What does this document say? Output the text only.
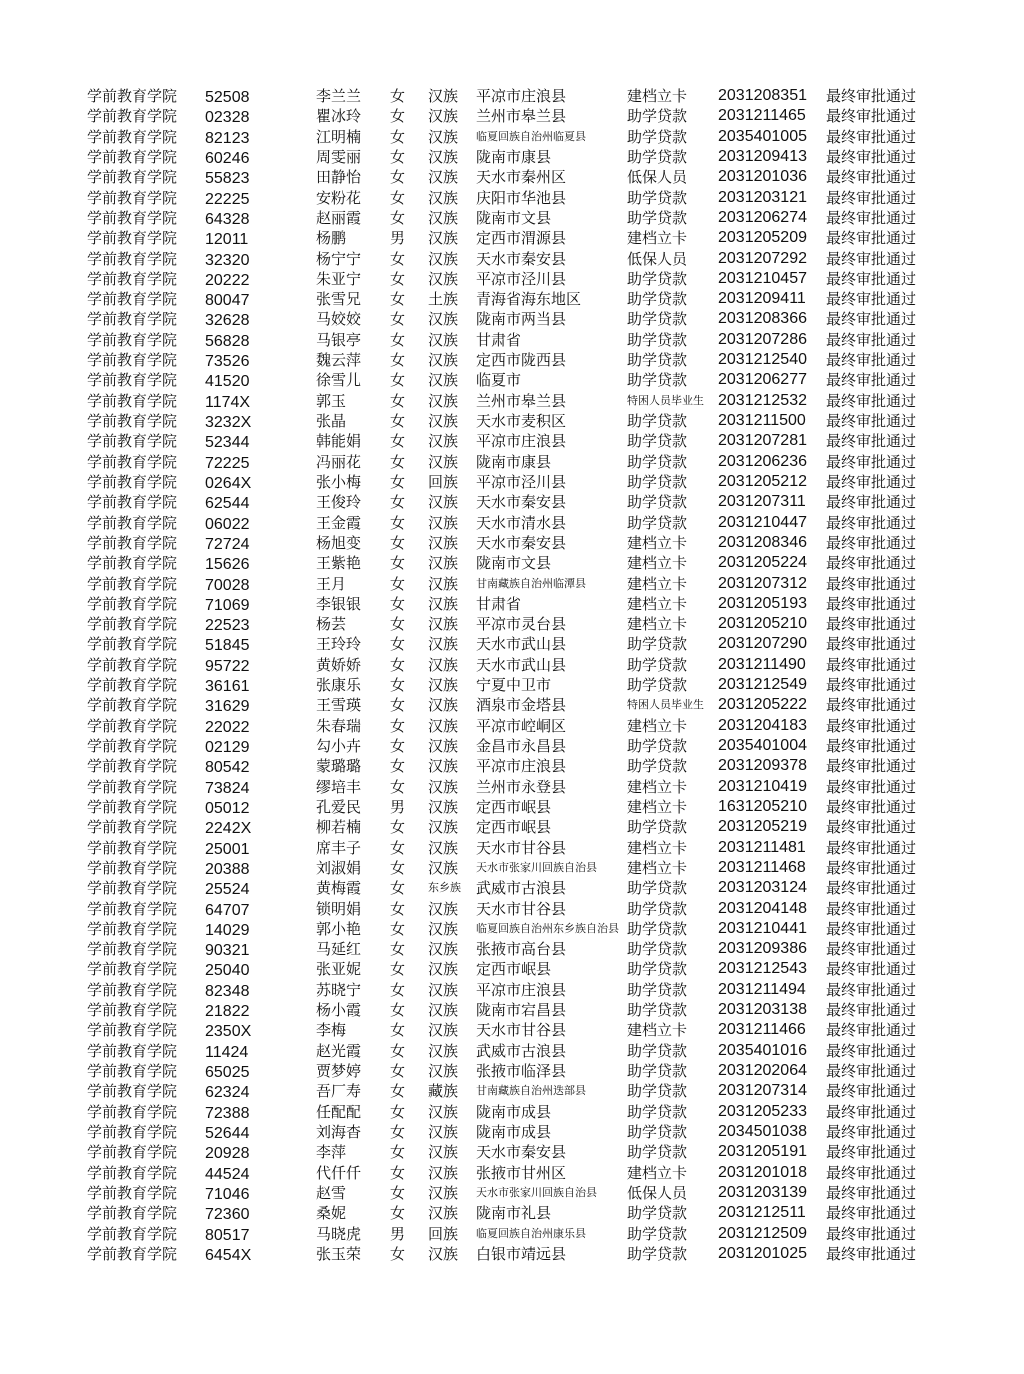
学前教育学院 52508	李兰兰 女 汉族 平凉市庄浪县	建档立卡 2031208351 最终审批通过
学前教育学院 02328	瞿冰玲 女 汉族 兰州市皋兰县	助学贷款 2031211465 最终审批通过
学前教育学院 82123	江明楠 女 汉族 临夏回族自治州临夏县	助学贷款 2035401005 最终审批通过
学前教育学院 60246	周雯丽 女 汉族 陇南市康县	助学贷款 2031209413 最终审批通过
学前教育学院 55823	田静怡 女 汉族 天水市秦州区	低保人员 2031201036 最终审批通过
学前教育学院 22225	安粉花 女 汉族 庆阳市华池县	助学贷款 2031203121 最终审批通过
学前教育学院 64328	赵丽霞 女 汉族 陇南市文县	助学贷款 2031206274 最终审批通过
学前教育学院 12011	杨鹏	男 汉族 定西市渭源县	建档立卡 2031205209 最终审批通过
学前教育学院 32320	杨宁宁 女 汉族 天水市秦安县	低保人员 2031207292 最终审批通过
学前教育学院 20222	朱亚宁 女 汉族 平凉市泾川县	助学贷款 2031210457 最终审批通过
学前教育学院 80047	张雪兄 女 土族 青海省海东地区	助学贷款 2031209411 最终审批通过
学前教育学院 32628	马姣姣 女 汉族 陇南市两当县	助学贷款 2031208366 最终审批通过
学前教育学院 56828	马银亭 女 汉族 甘肃省	助学贷款 2031207286 最终审批通过
学前教育学院 73526	魏云萍 女 汉族 定西市陇西县	助学贷款 2031212540 最终审批通过
学前教育学院 41520	徐雪儿 女 汉族 临夏市	助学贷款 2031206277 最终审批通过
学前教育学院 1174X	郭玉	女 汉族 兰州市皋兰县	特困人员毕业生 2031212532 最终审批通过
学前教育学院 3232X	张晶	女 汉族 天水市麦积区	助学贷款 2031211500 最终审批通过
学前教育学院 52344	韩能娟 女 汉族 平凉市庄浪县	助学贷款 2031207281 最终审批通过
学前教育学院 72225	冯丽花 女 汉族 陇南市康县	助学贷款 2031206236 最终审批通过
学前教育学院 0264X	张小梅 女 回族 平凉市泾川县	助学贷款 2031205212 最终审批通过
学前教育学院 62544	王俊玲 女 汉族 天水市秦安县	助学贷款 2031207311 最终审批通过
学前教育学院 06022	王金霞 女 汉族 天水市清水县	助学贷款 2031210447 最终审批通过
学前教育学院 72724	杨旭变 女 汉族 天水市秦安县	建档立卡 2031208346 最终审批通过
学前教育学院 15626	王紫艳 女 汉族 陇南市文县	建档立卡 2031205224 最终审批通过
学前教育学院 70028	王月	女 汉族 甘南藏族自治州临潭县	建档立卡 2031207312 最终审批通过
学前教育学院 71069	李银银 女 汉族 甘肃省	建档立卡 2031205193 最终审批通过
学前教育学院 22523	杨芸	女 汉族 平凉市灵台县	建档立卡 2031205210 最终审批通过
学前教育学院 51845	王玲玲 女 汉族 天水市武山县	助学贷款 2031207290 最终审批通过
学前教育学院 95722	黄娇娇 女 汉族 天水市武山县	助学贷款 2031211490 最终审批通过
学前教育学院 36161	张康乐 女 汉族 宁夏中卫市	助学贷款 2031212549 最终审批通过
学前教育学院 31629	王雪瑛 女 汉族 酒泉市金塔县	特困人员毕业生 2031205222 最终审批通过
学前教育学院 22022	朱春瑞 女 汉族 平凉市崆峒区	建档立卡 2031204183 最终审批通过
学前教育学院 02129	勾小卉 女 汉族 金昌市永昌县	助学贷款 2035401004 最终审批通过
学前教育学院 80542	蒙璐璐 女 汉族 平凉市庄浪县	助学贷款 2031209378 最终审批通过
学前教育学院 73824	缪培丰 女 汉族 兰州市永登县	建档立卡 2031210419 最终审批通过
学前教育学院 05012	孔爱民 男 汉族 定西市岷县	建档立卡 1631205210 最终审批通过
学前教育学院 2242X	柳若楠 女 汉族 定西市岷县	助学贷款 2031205219 最终审批通过
学前教育学院 25001	席丰子 女 汉族 天水市甘谷县	建档立卡 2031211481 最终审批通过
学前教育学院 20388	刘淑娟 女 汉族 天水市张家川回族自治县 建档立卡 2031211468 最终审批通过
学前教育学院 25524	黄梅霞 女 东乡族 武威市古浪县	助学贷款 2031203124 最终审批通过
学前教育学院 64707	锁明娟 女 汉族 天水市甘谷县	助学贷款 2031204148 最终审批通过
学前教育学院 14029	郭小艳 女 汉族 临夏回族自治州东乡族自治县 助学贷款 2031210441 最终审批通过
学前教育学院 90321	马延红 女 汉族 张掖市高台县	助学贷款 2031209386 最终审批通过
学前教育学院 25040	张亚妮 女 汉族 定西市岷县	助学贷款 2031212543 最终审批通过
学前教育学院 82348	苏晓宁 女 汉族 平凉市庄浪县	助学贷款 2031211494 最终审批通过
学前教育学院 21822	杨小霞 女 汉族 陇南市宕昌县	助学贷款 2031203138 最终审批通过
学前教育学院 2350X	李梅	女 汉族 天水市甘谷县	建档立卡 2031211466 最终审批通过
学前教育学院 11424	赵光霞 女 汉族 武威市古浪县	助学贷款 2035401016 最终审批通过
学前教育学院 65025	贾梦婷 女 汉族 张掖市临泽县	助学贷款 2031202064 最终审批通过
学前教育学院 62324	吾厂寿 女 藏族 甘南藏族自治州迭部县	助学贷款 2031207314 最终审批通过
学前教育学院 72388	任配配 女 汉族 陇南市成县	助学贷款 2031205233 最终审批通过
学前教育学院 52644	刘海杳 女 汉族 陇南市成县	助学贷款 2034501038 最终审批通过
学前教育学院 20928	李萍	女 汉族 天水市秦安县	助学贷款 2031205191 最终审批通过
学前教育学院 44524	代仟仟 女 汉族 张掖市甘州区	建档立卡 2031201018 最终审批通过
学前教育学院 71046	赵雪	女 汉族 天水市张家川回族自治县 低保人员 2031203139 最终审批通过
学前教育学院 72360	桑妮	女 汉族 陇南市礼县	助学贷款 2031212511 最终审批通过
学前教育学院 80517	马晓虎 男 回族 临夏回族自治州康乐县	助学贷款 2031212509 最终审批通过
学前教育学院 6454X	张玉荣 女 汉族 白银市靖远县	助学贷款 2031201025 最终审批通过
